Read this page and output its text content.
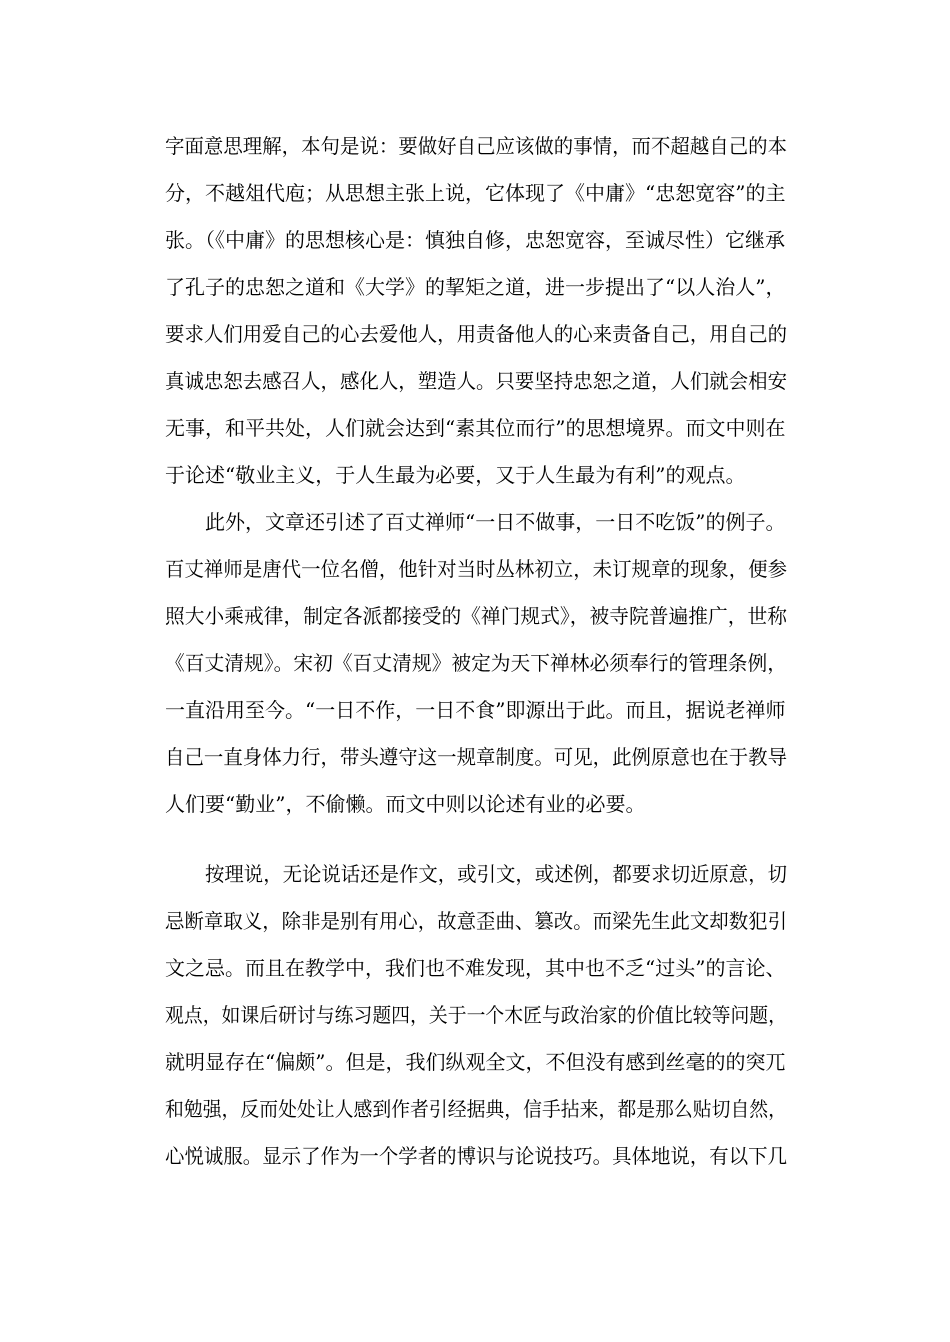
字面意思理解，本句是说：要做好自己应该做的事情，而不超越自己的本
分，不越俎代庖；从思想主张上说，它体现了《中庸》“忠恕宽容”的主
张。（《中庸》的思想核心是：慎独自修，忠恕宽容，至诚尽性）它继承
了孔子的忠恕之道和《大学》的挈矩之道，进一步提出了“以人治人”，
要求人们用爱自己的心去爱他人，用责备他人的心来责备自己，用自己的
真诚忠恕去感召人，感化人，塑造人。只要坚持忠恕之道，人们就会相安
无事，和平共处，人们就会达到“素其位而行”的思想境界。而文中则在
于论述“敬业主义，于人生最为必要，又于人生最为有利”的观点。
此外，文章还引述了百丈禅师“一日不做事，一日不吃饭”的例子。
百丈禅师是唐代一位名僧，他针对当时丛林初立，未订规章的现象，便参
照大小乘戒律，制定各派都接受的《禅门规式》，被寺院普遍推广，世称
《百丈清规》。宋初《百丈清规》被定为天下禅林必须奉行的管理条例，
一直沿用至今。“一日不作，一日不食”即源出于此。而且，据说老禅师
自己一直身体力行，带头遵守这一规章制度。可见，此例原意也在于教导
人们要“勤业”，不偷懒。而文中则以论述有业的必要。
按理说，无论说话还是作文，或引文，或述例，都要求切近原意，切
忌断章取义，除非是别有用心，故意歪曲、篡改。而梁先生此文却数犯引
文之忌。而且在教学中，我们也不难发现，其中也不乏“过头”的言论、
观点，如课后研讨与练习题四，关于一个木匠与政治家的价值比较等问题，
就明显存在“偏颇”。但是，我们纵观全文，不但没有感到丝毫的的突兀
和勉强，反而处处让人感到作者引经据典，信手拈来，都是那么贴切自然，
心悦诚服。显示了作为一个学者的博识与论说技巧。具体地说，有以下几
